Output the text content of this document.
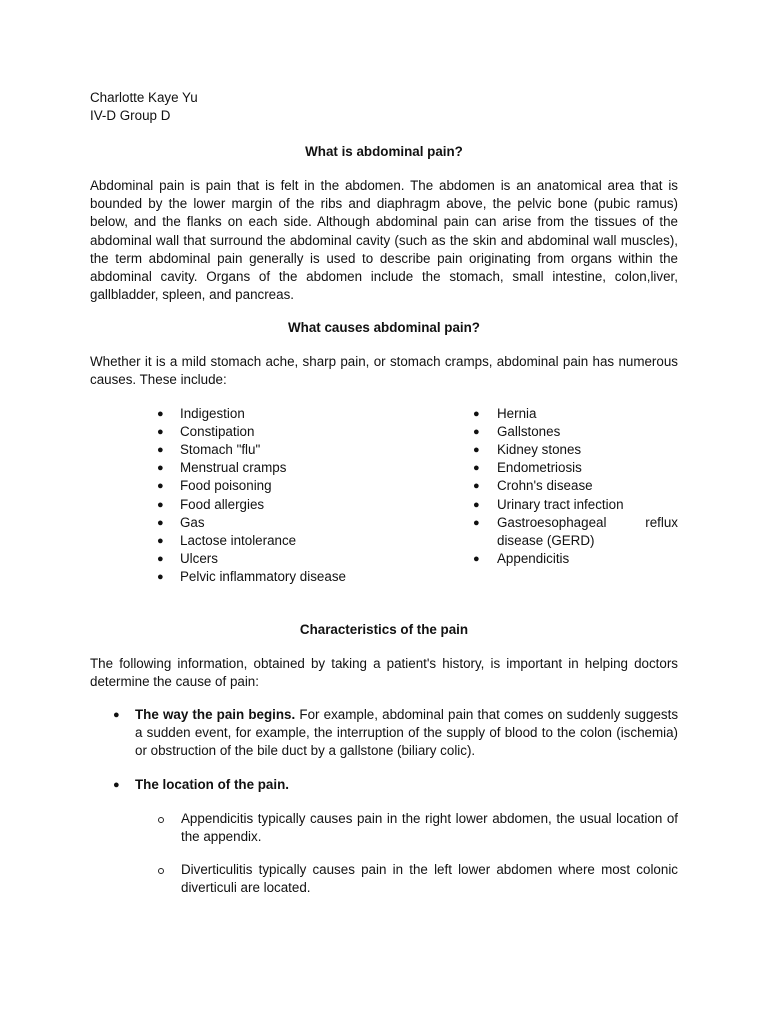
Charlotte Kaye Yu
IV-D Group D
What is abdominal pain?

Abdominal pain is pain that is felt in the abdomen. The abdomen is an anatomical area that is bounded by the lower margin of the ribs and diaphragm above, the pelvic bone (pubic ramus) below, and the flanks on each side. Although abdominal pain can arise from the tissues of the abdominal wall that surround the abdominal cavity (such as the skin and abdominal wall muscles), the term abdominal pain generally is used to describe pain originating from organs within the abdominal cavity. Organs of the abdomen include the stomach, small intestine, colon,liver, gallbladder, spleen, and pancreas.

What causes abdominal pain?

Whether it is a mild stomach ache, sharp pain, or stomach cramps, abdominal pain has numerous causes. These include:

● Indigestion
● Constipation
● Stomach "flu"
● Menstrual cramps
● Food poisoning
● Food allergies
● Gas
● Lactose intolerance
● Ulcers
● Pelvic inflammatory disease
● Hernia
● Gallstones
● Kidney stones
● Endometriosis
● Crohn's disease
● Urinary tract infection
● Gastroesophageal reflux disease (GERD)

● Appendicitis
Characteristics of the pain

The following information, obtained by taking a patient's history, is important in helping doctors determine the cause of pain:

● The way the pain begins. For example, abdominal pain that comes on suddenly suggests a sudden event, for example, the interruption of the supply of blood to the colon (ischemia) or obstruction of the bile duct by a gallstone (biliary colic).

● The location of the pain.

Appendicitis typically causes pain in the right lower abdomen, the usual location of the appendix.

Diverticulitis typically causes pain in the left lower abdomen where most colonic diverticuli are located.
